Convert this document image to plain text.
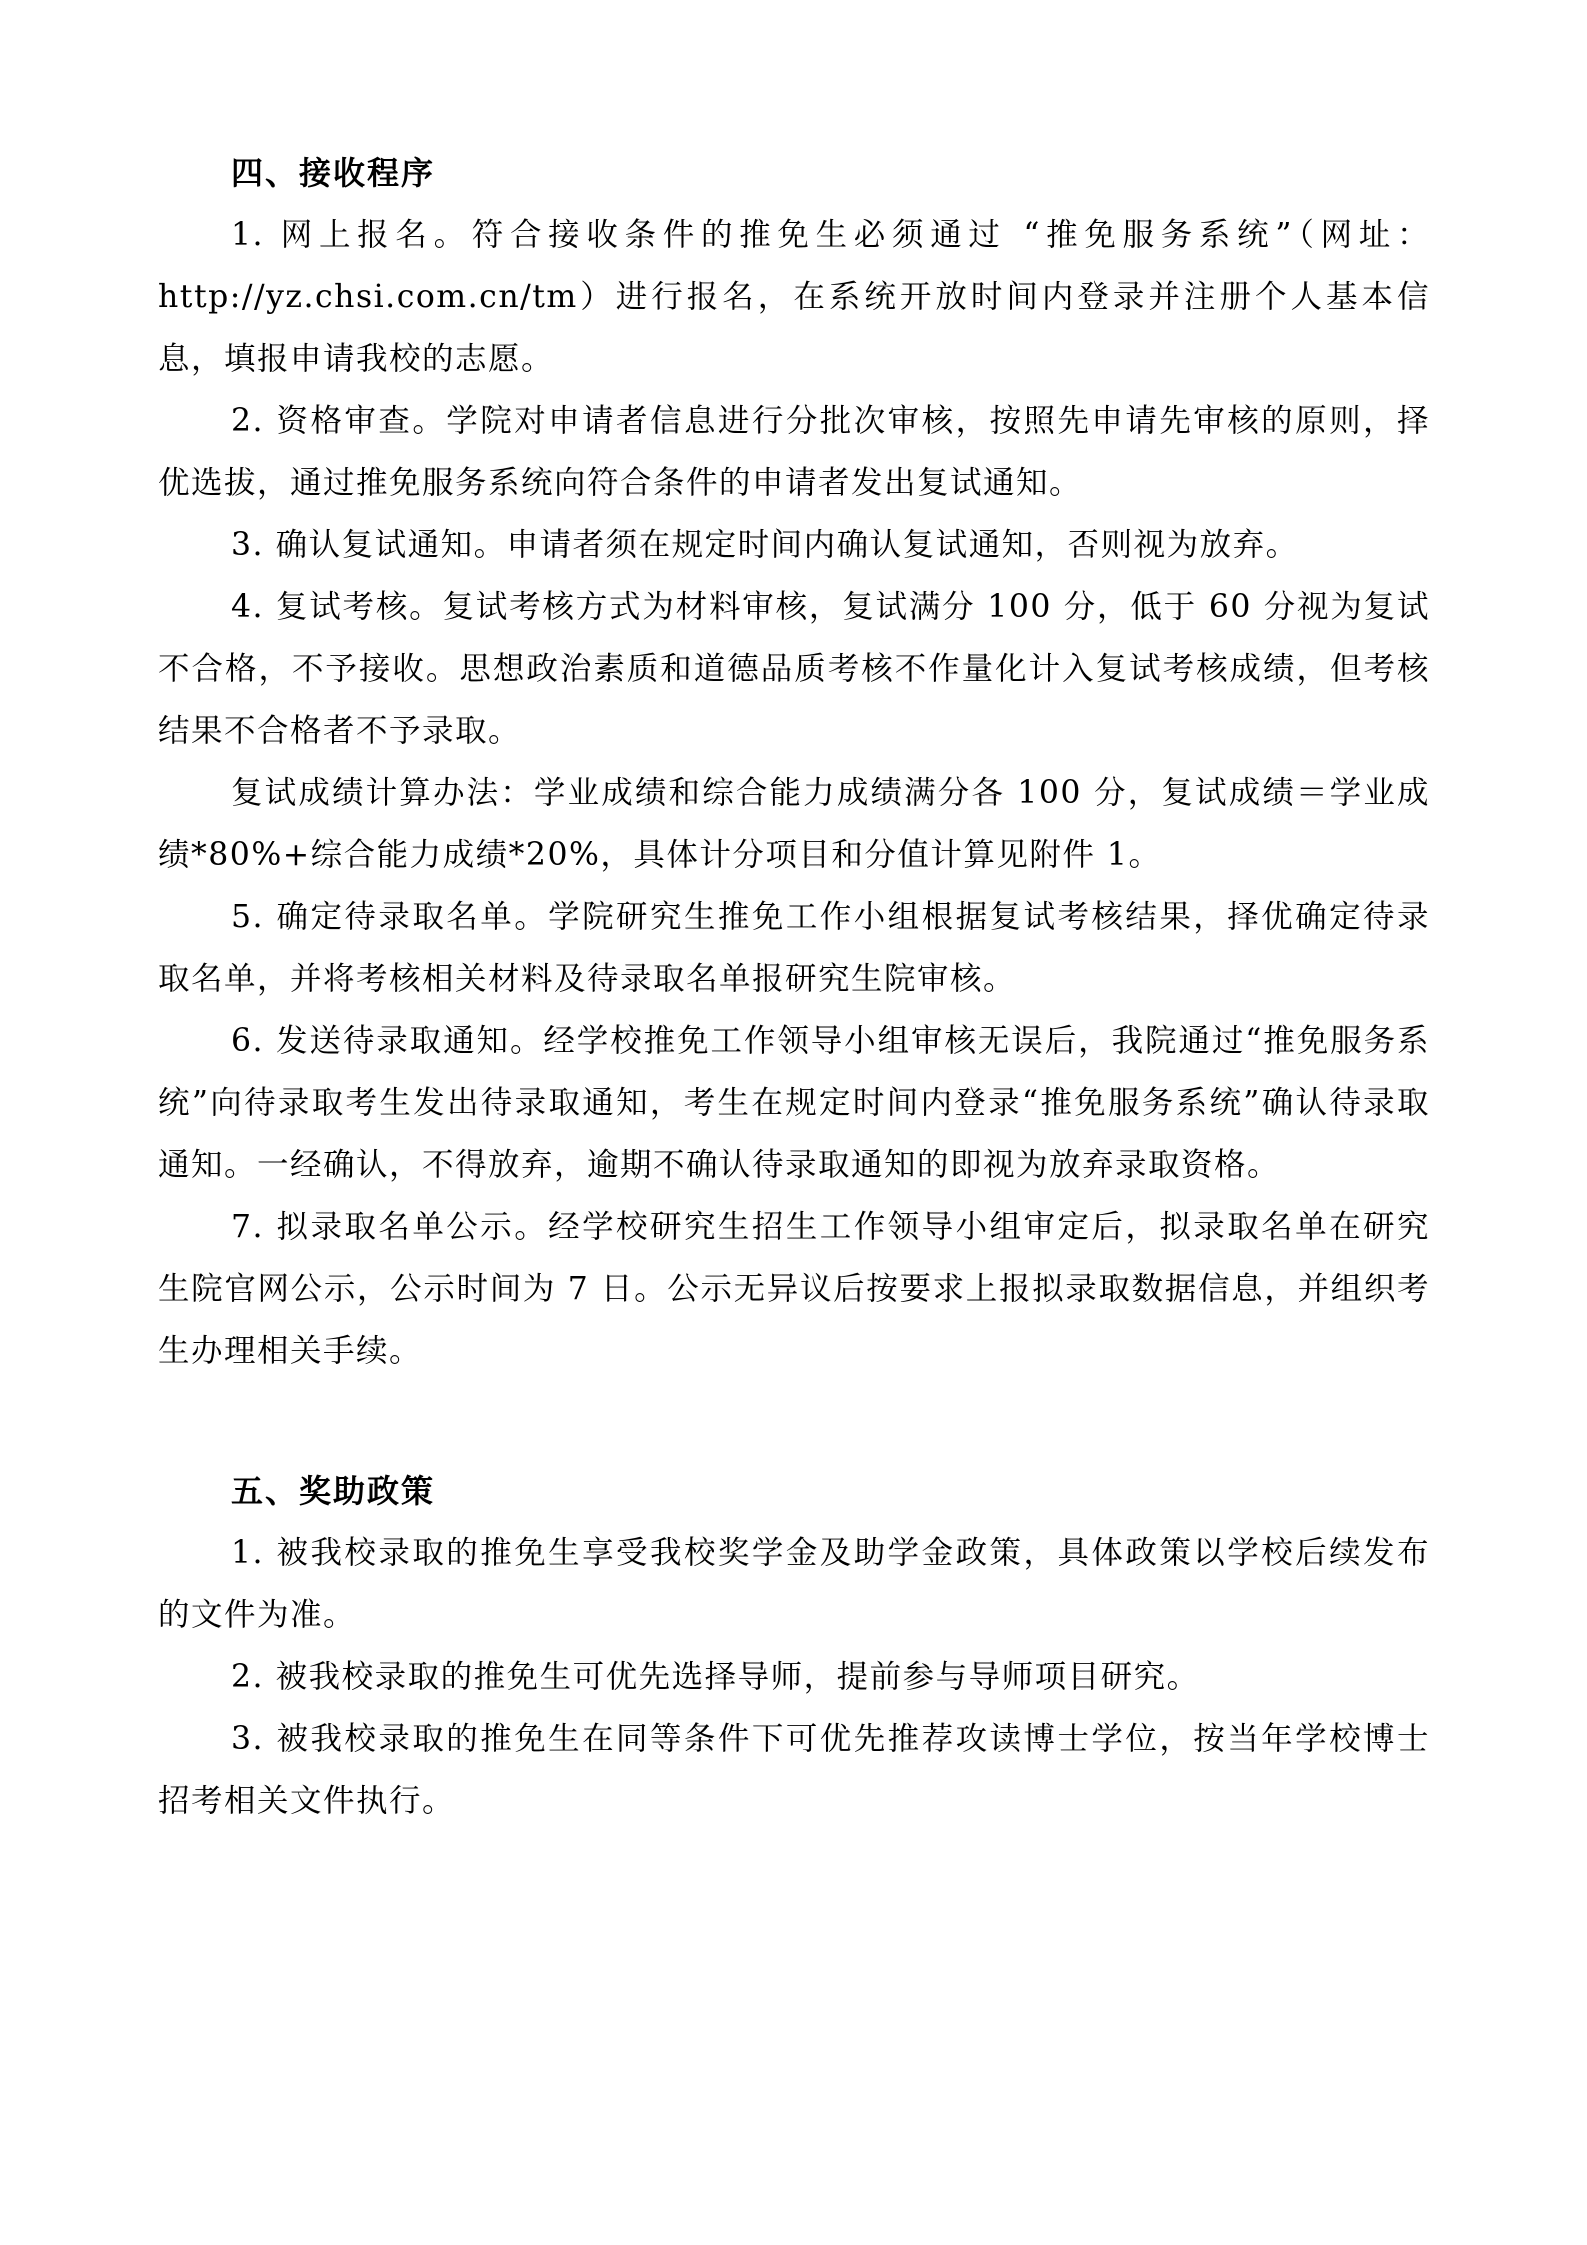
四、接收程序

1. 网上报名。符合接收条件的推免生必须通过 “推免服务系统”（网址：http://yz.chsi.com.cn/tm）进行报名，在系统开放时间内登录并注册个人基本信息，填报申请我校的志愿。

2. 资格审查。学院对申请者信息进行分批次审核，按照先申请先审核的原则，择优选拔，通过推免服务系统向符合条件的申请者发出复试通知。

3. 确认复试通知。申请者须在规定时间内确认复试通知，否则视为放弃。

4. 复试考核。复试考核方式为材料审核，复试满分 100 分，低于 60 分视为复试不合格，不予接收。思想政治素质和道德品质考核不作量化计入复试考核成绩，但考核结果不合格者不予录取。

复试成绩计算办法：学业成绩和综合能力成绩满分各 100 分，复试成绩＝学业成绩*80%+综合能力成绩*20%，具体计分项目和分值计算见附件 1。

5. 确定待录取名单。学院研究生推免工作小组根据复试考核结果，择优确定待录取名单，并将考核相关材料及待录取名单报研究生院审核。

6. 发送待录取通知。经学校推免工作领导小组审核无误后，我院通过“推免服务系统”向待录取考生发出待录取通知，考生在规定时间内登录“推免服务系统”确认待录取通知。一经确认，不得放弃，逾期不确认待录取通知的即视为放弃录取资格。

7. 拟录取名单公示。经学校研究生招生工作领导小组审定后，拟录取名单在研究生院官网公示，公示时间为 7 日。公示无异议后按要求上报拟录取数据信息，并组织考生办理相关手续。

五、奖助政策

1. 被我校录取的推免生享受我校奖学金及助学金政策，具体政策以学校后续发布的文件为准。

2. 被我校录取的推免生可优先选择导师，提前参与导师项目研究。

3. 被我校录取的推免生在同等条件下可优先推荐攻读博士学位，按当年学校博士招考相关文件执行。
